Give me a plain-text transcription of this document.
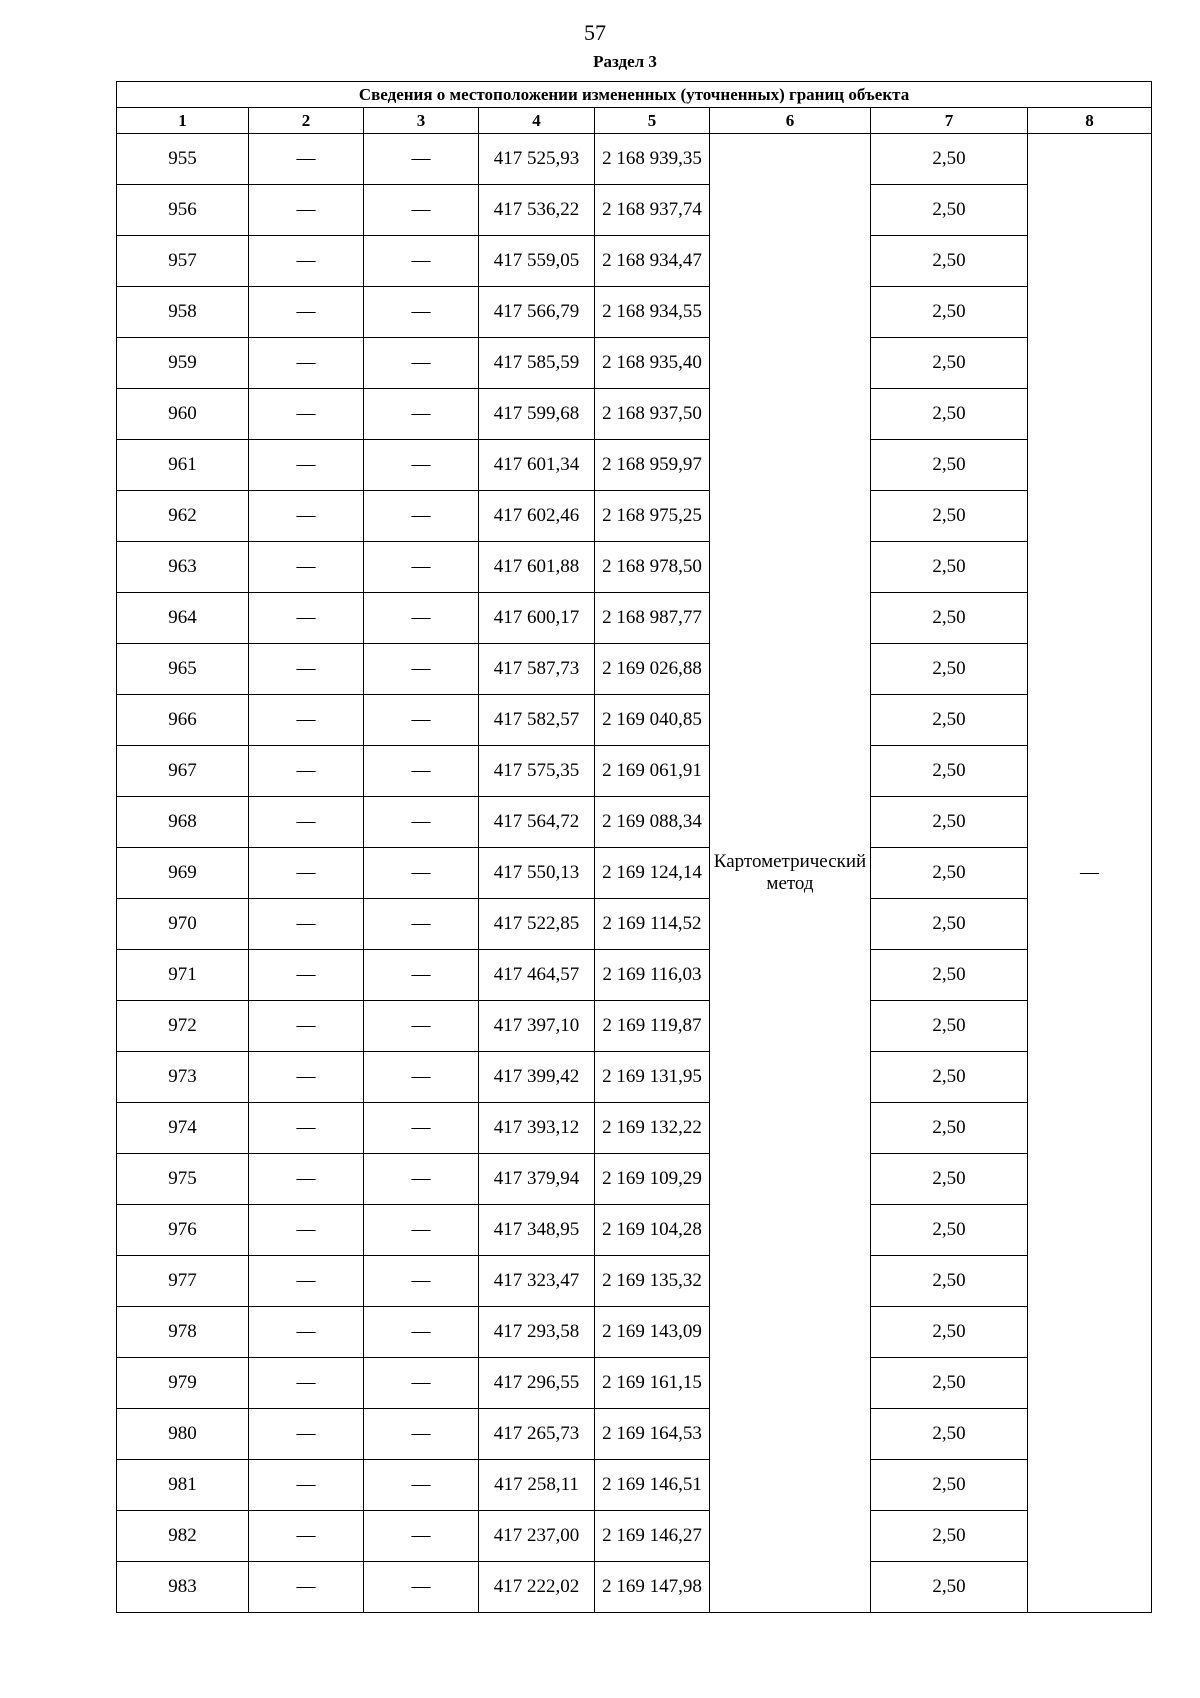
57
Раздел 3
Сведения о местоположении измененных (уточненных) границ объекта							
1	2	3	4	5	6	7	8
955	—	—	417 525,93	2 168 939,35	Картометрический метод	2,50	—
956	—	—	417 536,22	2 168 937,74		2,50	
957	—	—	417 559,05	2 168 934,47		2,50	
958	—	—	417 566,79	2 168 934,55		2,50	
959	—	—	417 585,59	2 168 935,40		2,50	
960	—	—	417 599,68	2 168 937,50		2,50	
961	—	—	417 601,34	2 168 959,97		2,50	
962	—	—	417 602,46	2 168 975,25		2,50	
963	—	—	417 601,88	2 168 978,50		2,50	
964	—	—	417 600,17	2 168 987,77		2,50	
965	—	—	417 587,73	2 169 026,88		2,50	
966	—	—	417 582,57	2 169 040,85		2,50	
967	—	—	417 575,35	2 169 061,91		2,50	
968	—	—	417 564,72	2 169 088,34		2,50	
969	—	—	417 550,13	2 169 124,14		2,50	
970	—	—	417 522,85	2 169 114,52		2,50	
971	—	—	417 464,57	2 169 116,03		2,50	
972	—	—	417 397,10	2 169 119,87		2,50	
973	—	—	417 399,42	2 169 131,95		2,50	
974	—	—	417 393,12	2 169 132,22		2,50	
975	—	—	417 379,94	2 169 109,29		2,50	
976	—	—	417 348,95	2 169 104,28		2,50	
977	—	—	417 323,47	2 169 135,32		2,50	
978	—	—	417 293,58	2 169 143,09		2,50	
979	—	—	417 296,55	2 169 161,15		2,50	
980	—	—	417 265,73	2 169 164,53		2,50	
981	—	—	417 258,11	2 169 146,51		2,50	
982	—	—	417 237,00	2 169 146,27		2,50	
983	—	—	417 222,02	2 169 147,98		2,50	
